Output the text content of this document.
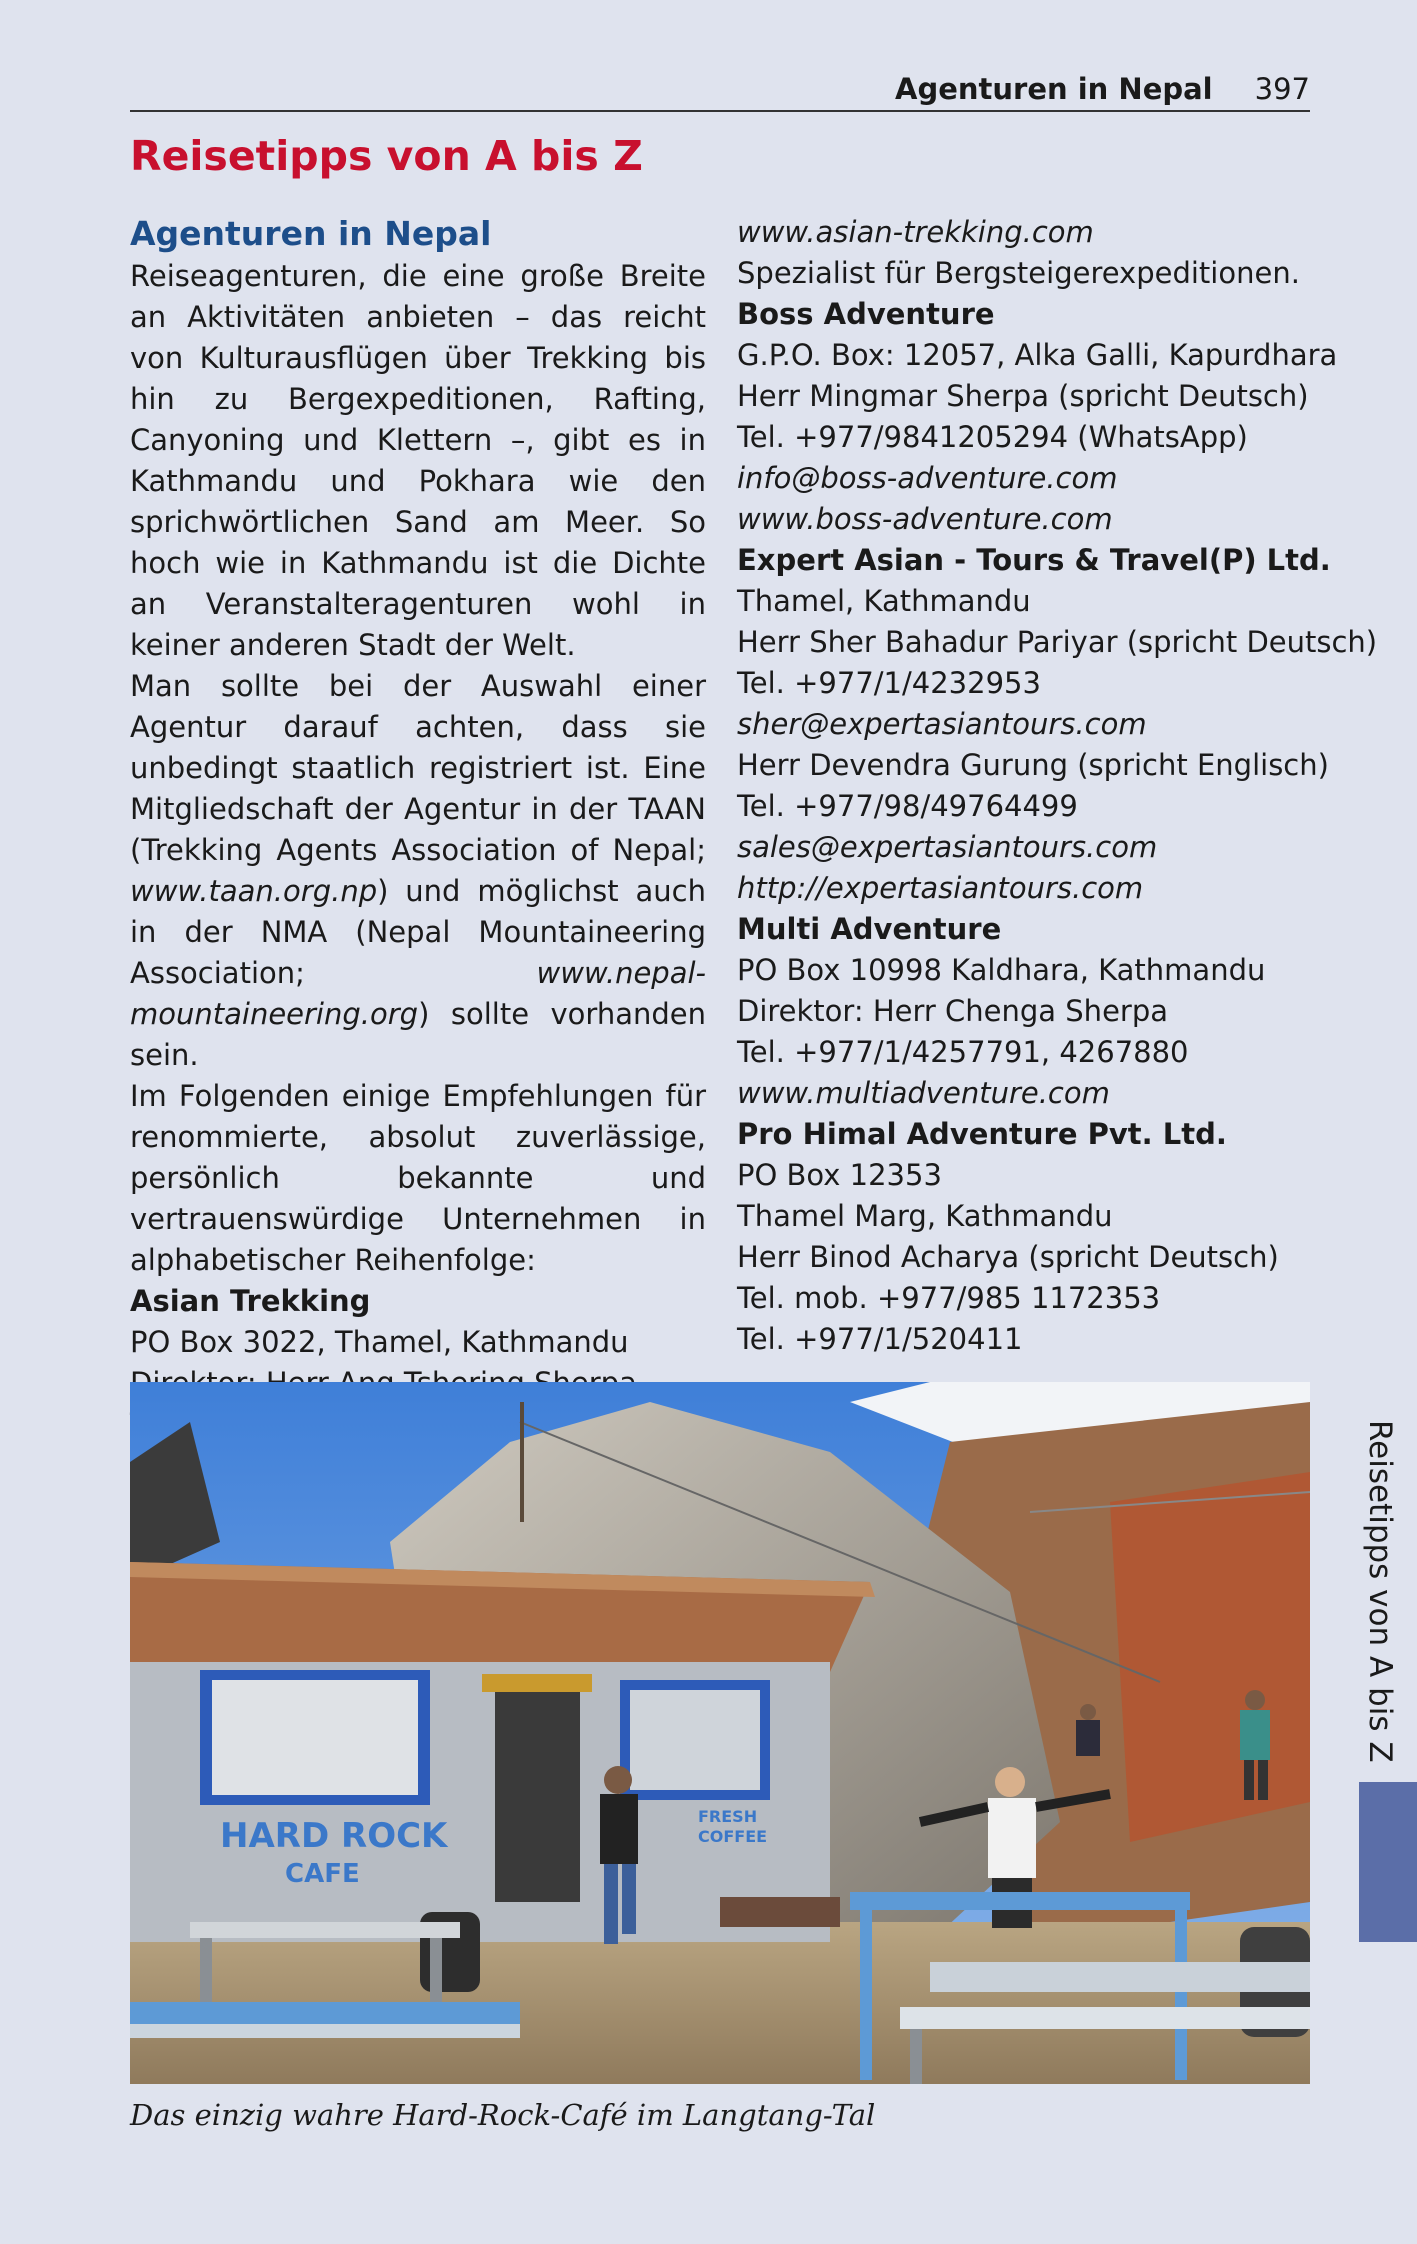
Agenturen in Nepal 397
Reisetipps von A bis Z
Agenturen in Nepal

Reiseagenturen, die eine große Breite an Aktivitäten anbieten – das reicht von Kulturausflügen über Trekking bis hin zu Bergexpeditionen, Rafting, Canyoning und Klettern –, gibt es in Kathmandu und Pokhara wie den sprichwörtlichen Sand am Meer. So hoch wie in Kathmandu ist die Dichte an Veranstalteragenturen wohl in keiner anderen Stadt der Welt.

Man sollte bei der Auswahl einer Agentur darauf achten, dass sie unbedingt staatlich registriert ist. Eine Mitgliedschaft der Agentur in der TAAN (Trekking Agents Association of Nepal; www.taan.org.np) und möglichst auch in der NMA (Nepal Mountaineering Association; www.nepal-mountaineering.org) sollte vorhanden sein.

Im Folgenden einige Empfehlungen für renommierte, absolut zuverlässige, persönlich bekannte und vertrauenswürdige Unternehmen in alphabetischer Reihenfolge:

Asian Trekking
PO Box 3022, Thamel, Kathmandu
www.asian-trekking.com
Spezialist für Bergsteigerexpeditionen.
Boss Adventure
G.P.O. Box: 12057, Alka Galli, Kapurdhara
Herr Mingmar Sherpa (spricht Deutsch)
Tel. +977/9841205294 (WhatsApp)
info@boss-adventure.com
www.boss-adventure.com
Expert Asian - Tours & Travel(P) Ltd.
Thamel, Kathmandu
Herr Sher Bahadur Pariyar (spricht Deutsch)
Tel. +977/1/4232953
sher@expertasiantours.com
Herr Devendra Gurung (spricht Englisch)
Tel. +977/98/49764499
sales@expertasiantours.com
http://expertasiantours.com
Multi Adventure
PO Box 10998 Kaldhara, Kathmandu
Direktor: Herr Chenga Sherpa
Tel. +977/1/4257791, 4267880
www.multiadventure.com
Pro Himal Adventure Pvt. Ltd.
PO Box 12353
Thamel Marg, Kathmandu
Herr Binod Acharya (spricht Deutsch)
Tel. mob. +977/985 1172353
Tel. +977/1/520411
HARD ROCK
CAFE
FRESH
COFFEE
Das einzig wahre Hard-Rock-Café im Langtang-Tal
Reisetipps von A bis Z
